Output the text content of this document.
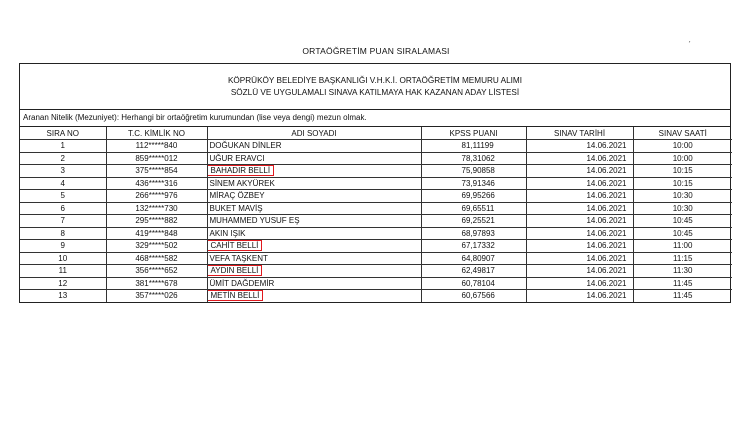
ORTAÖĞRETİM PUAN SIRALAMASI
ˏ
KÖPRÜKÖY BELEDİYE BAŞKANLIĞI V.H.K.İ. ORTAÖĞRETİM MEMURU ALIMI
SÖZLÜ VE UYGULAMALI SINAVA KATILMAYA HAK KAZANAN ADAY LİSTESİ
Aranan Nitelik (Mezuniyet): Herhangi bir ortaöğretim kurumundan (lise veya dengi) mezun olmak.
SIRA NO	T.C. KİMLİK NO	ADI SOYADI	KPSS PUANI	SINAV TARİHİ	SINAV SAATİ
1	112*****840	DOĞUKAN DİNLER	81,11199	14.06.2021	10:00
2	859*****012	UĞUR ERAVCI	78,31062	14.06.2021	10:00
3	375*****854	BAHADIR BELLİ	75,90858	14.06.2021	10:15
4	436*****316	SİNEM AKYÜREK	73,91346	14.06.2021	10:15
5	266*****976	MİRAÇ ÖZBEY	69,95266	14.06.2021	10:30
6	132*****730	BUKET MAVİŞ	69,65511	14.06.2021	10:30
7	295*****882	MUHAMMED YUSUF EŞ	69,25521	14.06.2021	10:45
8	419*****848	AKIN IŞIK	68,97893	14.06.2021	10:45
9	329*****502	CAHİT BELLİ	67,17332	14.06.2021	11:00
10	468*****582	VEFA TAŞKENT	64,80907	14.06.2021	11:15
11	356*****652	AYDIN BELLİ	62,49817	14.06.2021	11:30
12	381*****678	ÜMİT DAĞDEMİR	60,78104	14.06.2021	11:45
13	357*****026	METİN BELLİ	60,67566	14.06.2021	11:45
